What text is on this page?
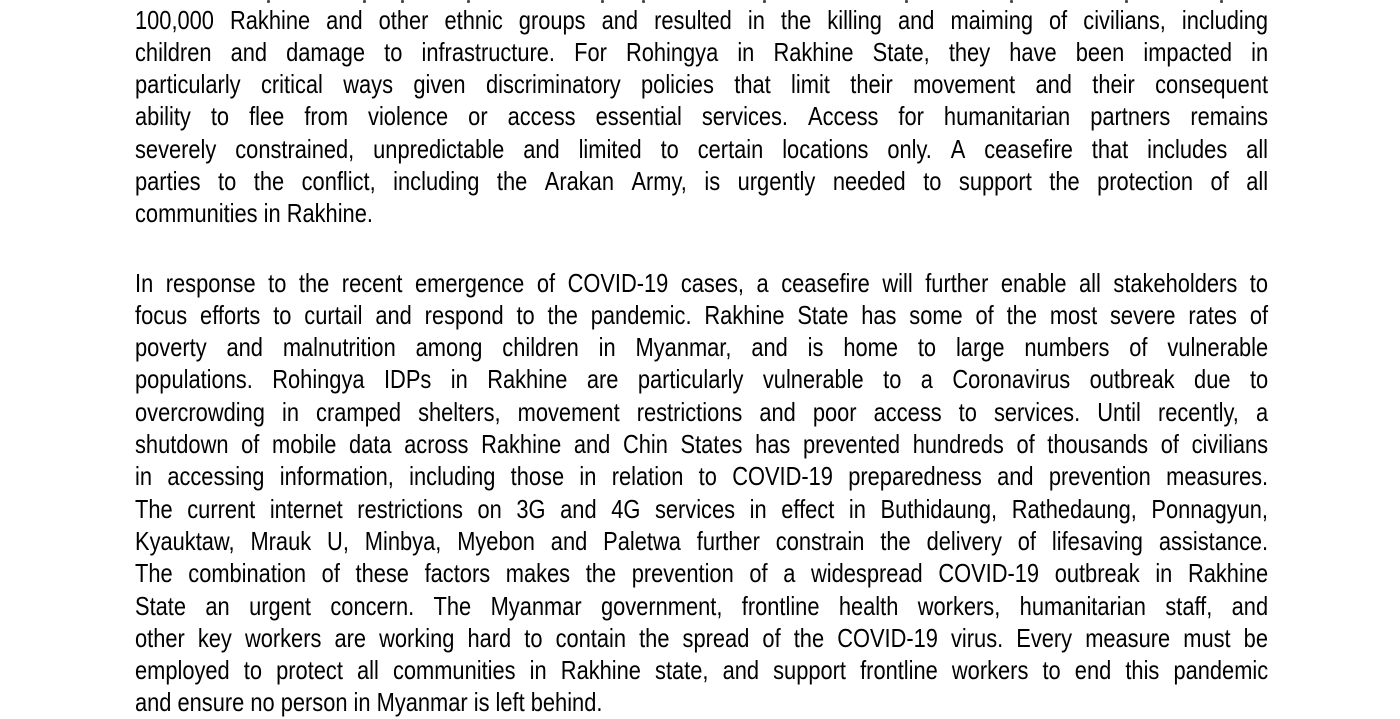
100,000 Rakhine and other ethnic groups and resulted in the killing and maiming of civilians, including
children and damage to infrastructure. For Rohingya in Rakhine State, they have been impacted in
particularly critical ways given discriminatory policies that limit their movement and their consequent
ability to flee from violence or access essential services. Access for humanitarian partners remains
severely constrained, unpredictable and limited to certain locations only. A ceasefire that includes all
parties to the conflict, including the Arakan Army, is urgently needed to support the protection of all
communities in Rakhine.
In response to the recent emergence of COVID-19 cases, a ceasefire will further enable all stakeholders to
focus efforts to curtail and respond to the pandemic. Rakhine State has some of the most severe rates of
poverty and malnutrition among children in Myanmar, and is home to large numbers of vulnerable
populations. Rohingya IDPs in Rakhine are particularly vulnerable to a Coronavirus outbreak due to
overcrowding in cramped shelters, movement restrictions and poor access to services. Until recently, a
shutdown of mobile data across Rakhine and Chin States has prevented hundreds of thousands of civilians
in accessing information, including those in relation to COVID-19 preparedness and prevention measures.
The current internet restrictions on 3G and 4G services in effect in Buthidaung, Rathedaung, Ponnagyun,
Kyauktaw, Mrauk U, Minbya, Myebon and Paletwa further constrain the delivery of lifesaving assistance.
The combination of these factors makes the prevention of a widespread COVID-19 outbreak in Rakhine
State an urgent concern. The Myanmar government, frontline health workers, humanitarian staff, and
other key workers are working hard to contain the spread of the COVID-19 virus. Every measure must be
employed to protect all communities in Rakhine state, and support frontline workers to end this pandemic
and ensure no person in Myanmar is left behind.
